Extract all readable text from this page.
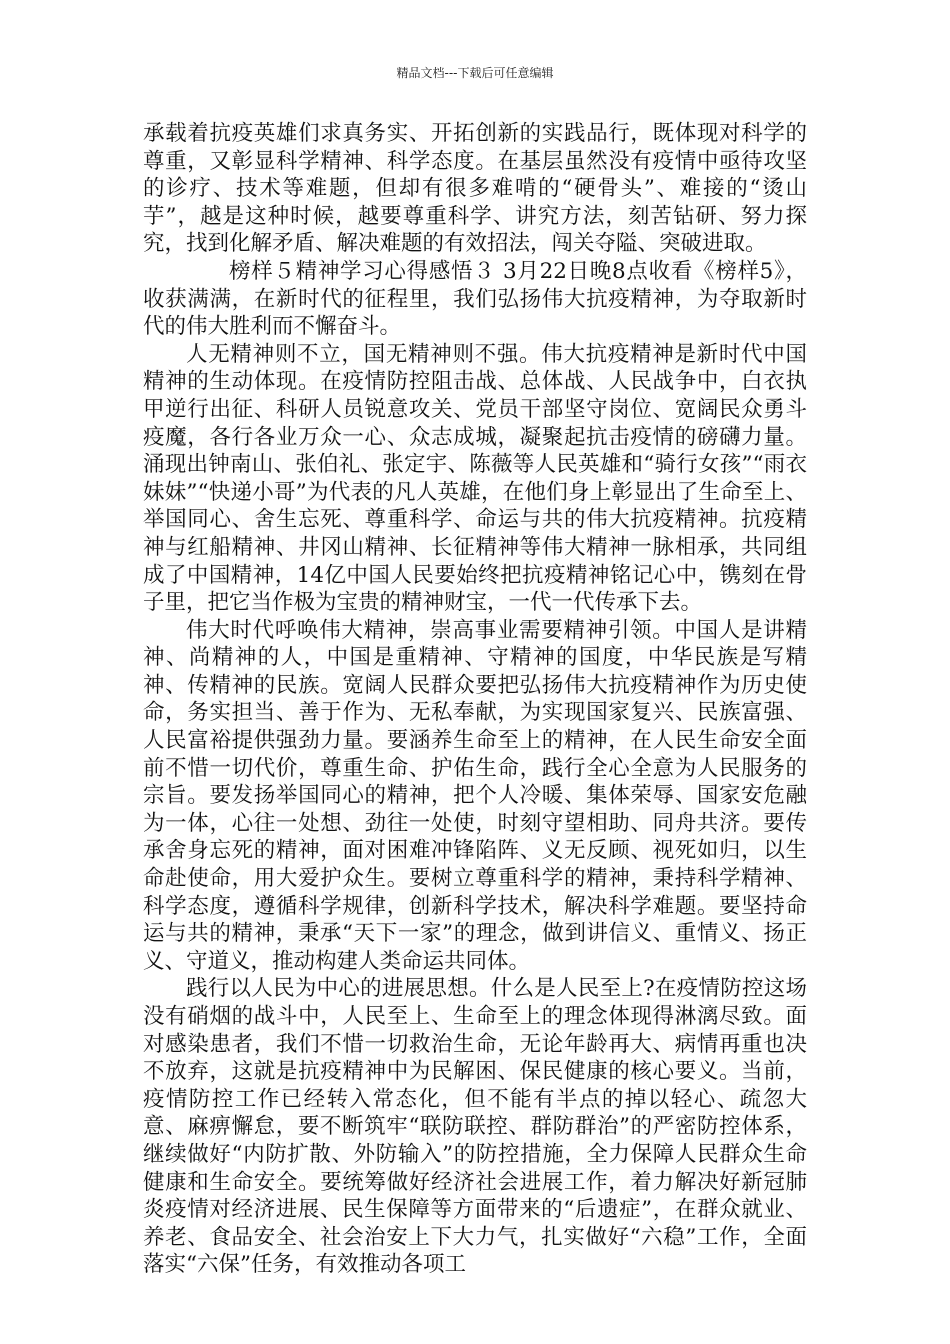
精品文档---下载后可任意编辑

承载着抗疫英雄们求真务实、开拓创新的实践品行，既体现对科学的尊重，又彰显科学精神、科学态度。在基层虽然没有疫情中亟待攻坚的诊疗、技术等难题，但却有很多难啃的“硬骨头”、难接的“烫山芋”，越是这种时候，越要尊重科学、讲究方法，刻苦钻研、努力探究，找到化解矛盾、解决难题的有效招法，闯关夺隘、突破进取。

榜样５精神学习心得感悟３ 3月22日晚8点收看《榜样5》，收获满满，在新时代的征程里，我们弘扬伟大抗疫精神，为夺取新时代的伟大胜利而不懈奋斗。

人无精神则不立，国无精神则不强。伟大抗疫精神是新时代中国精神的生动体现。在疫情防控阻击战、总体战、人民战争中，白衣执甲逆行出征、科研人员锐意攻关、党员干部坚守岗位、宽阔民众勇斗疫魔，各行各业万众一心、众志成城，凝聚起抗击疫情的磅礴力量。涌现出钟南山、张伯礼、张定宇、陈薇等人民英雄和“骑行女孩”“雨衣妹妹”“快递小哥”为代表的凡人英雄，在他们身上彰显出了生命至上、举国同心、舍生忘死、尊重科学、命运与共的伟大抗疫精神。抗疫精神与红船精神、井冈山精神、长征精神等伟大精神一脉相承，共同组成了中国精神，14亿中国人民要始终把抗疫精神铭记心中，镌刻在骨子里，把它当作极为宝贵的精神财宝，一代一代传承下去。

伟大时代呼唤伟大精神，崇高事业需要精神引领。中国人是讲精神、尚精神的人，中国是重精神、守精神的国度，中华民族是写精神、传精神的民族。宽阔人民群众要把弘扬伟大抗疫精神作为历史使命，务实担当、善于作为、无私奉献，为实现国家复兴、民族富强、人民富裕提供强劲力量。要涵养生命至上的精神，在人民生命安全面前不惜一切代价，尊重生命、护佑生命，践行全心全意为人民服务的宗旨。要发扬举国同心的精神，把个人冷暖、集体荣辱、国家安危融为一体，心往一处想、劲往一处使，时刻守望相助、同舟共济。要传承舍身忘死的精神，面对困难冲锋陷阵、义无反顾、视死如归，以生命赴使命，用大爱护众生。要树立尊重科学的精神，秉持科学精神、科学态度，遵循科学规律，创新科学技术，解决科学难题。要坚持命运与共的精神，秉承“天下一家”的理念，做到讲信义、重情义、扬正义、守道义，推动构建人类命运共同体。

践行以人民为中心的进展思想。什么是人民至上?在疫情防控这场没有硝烟的战斗中，人民至上、生命至上的理念体现得淋漓尽致。面对感染患者，我们不惜一切救治生命，无论年龄再大、病情再重也决不放弃，这就是抗疫精神中为民解困、保民健康的核心要义。当前，疫情防控工作已经转入常态化，但不能有半点的掉以轻心、疏忽大意、麻痹懈怠，要不断筑牢“联防联控、群防群治”的严密防控体系，继续做好“内防扩散、外防输入”的防控措施，全力保障人民群众生命健康和生命安全。要统筹做好经济社会进展工作，着力解决好新冠肺炎疫情对经济进展、民生保障等方面带来的“后遗症”，在群众就业、养老、食品安全、社会治安上下大力气，扎实做好“六稳”工作，全面落实“六保”任务，有效推动各项工
